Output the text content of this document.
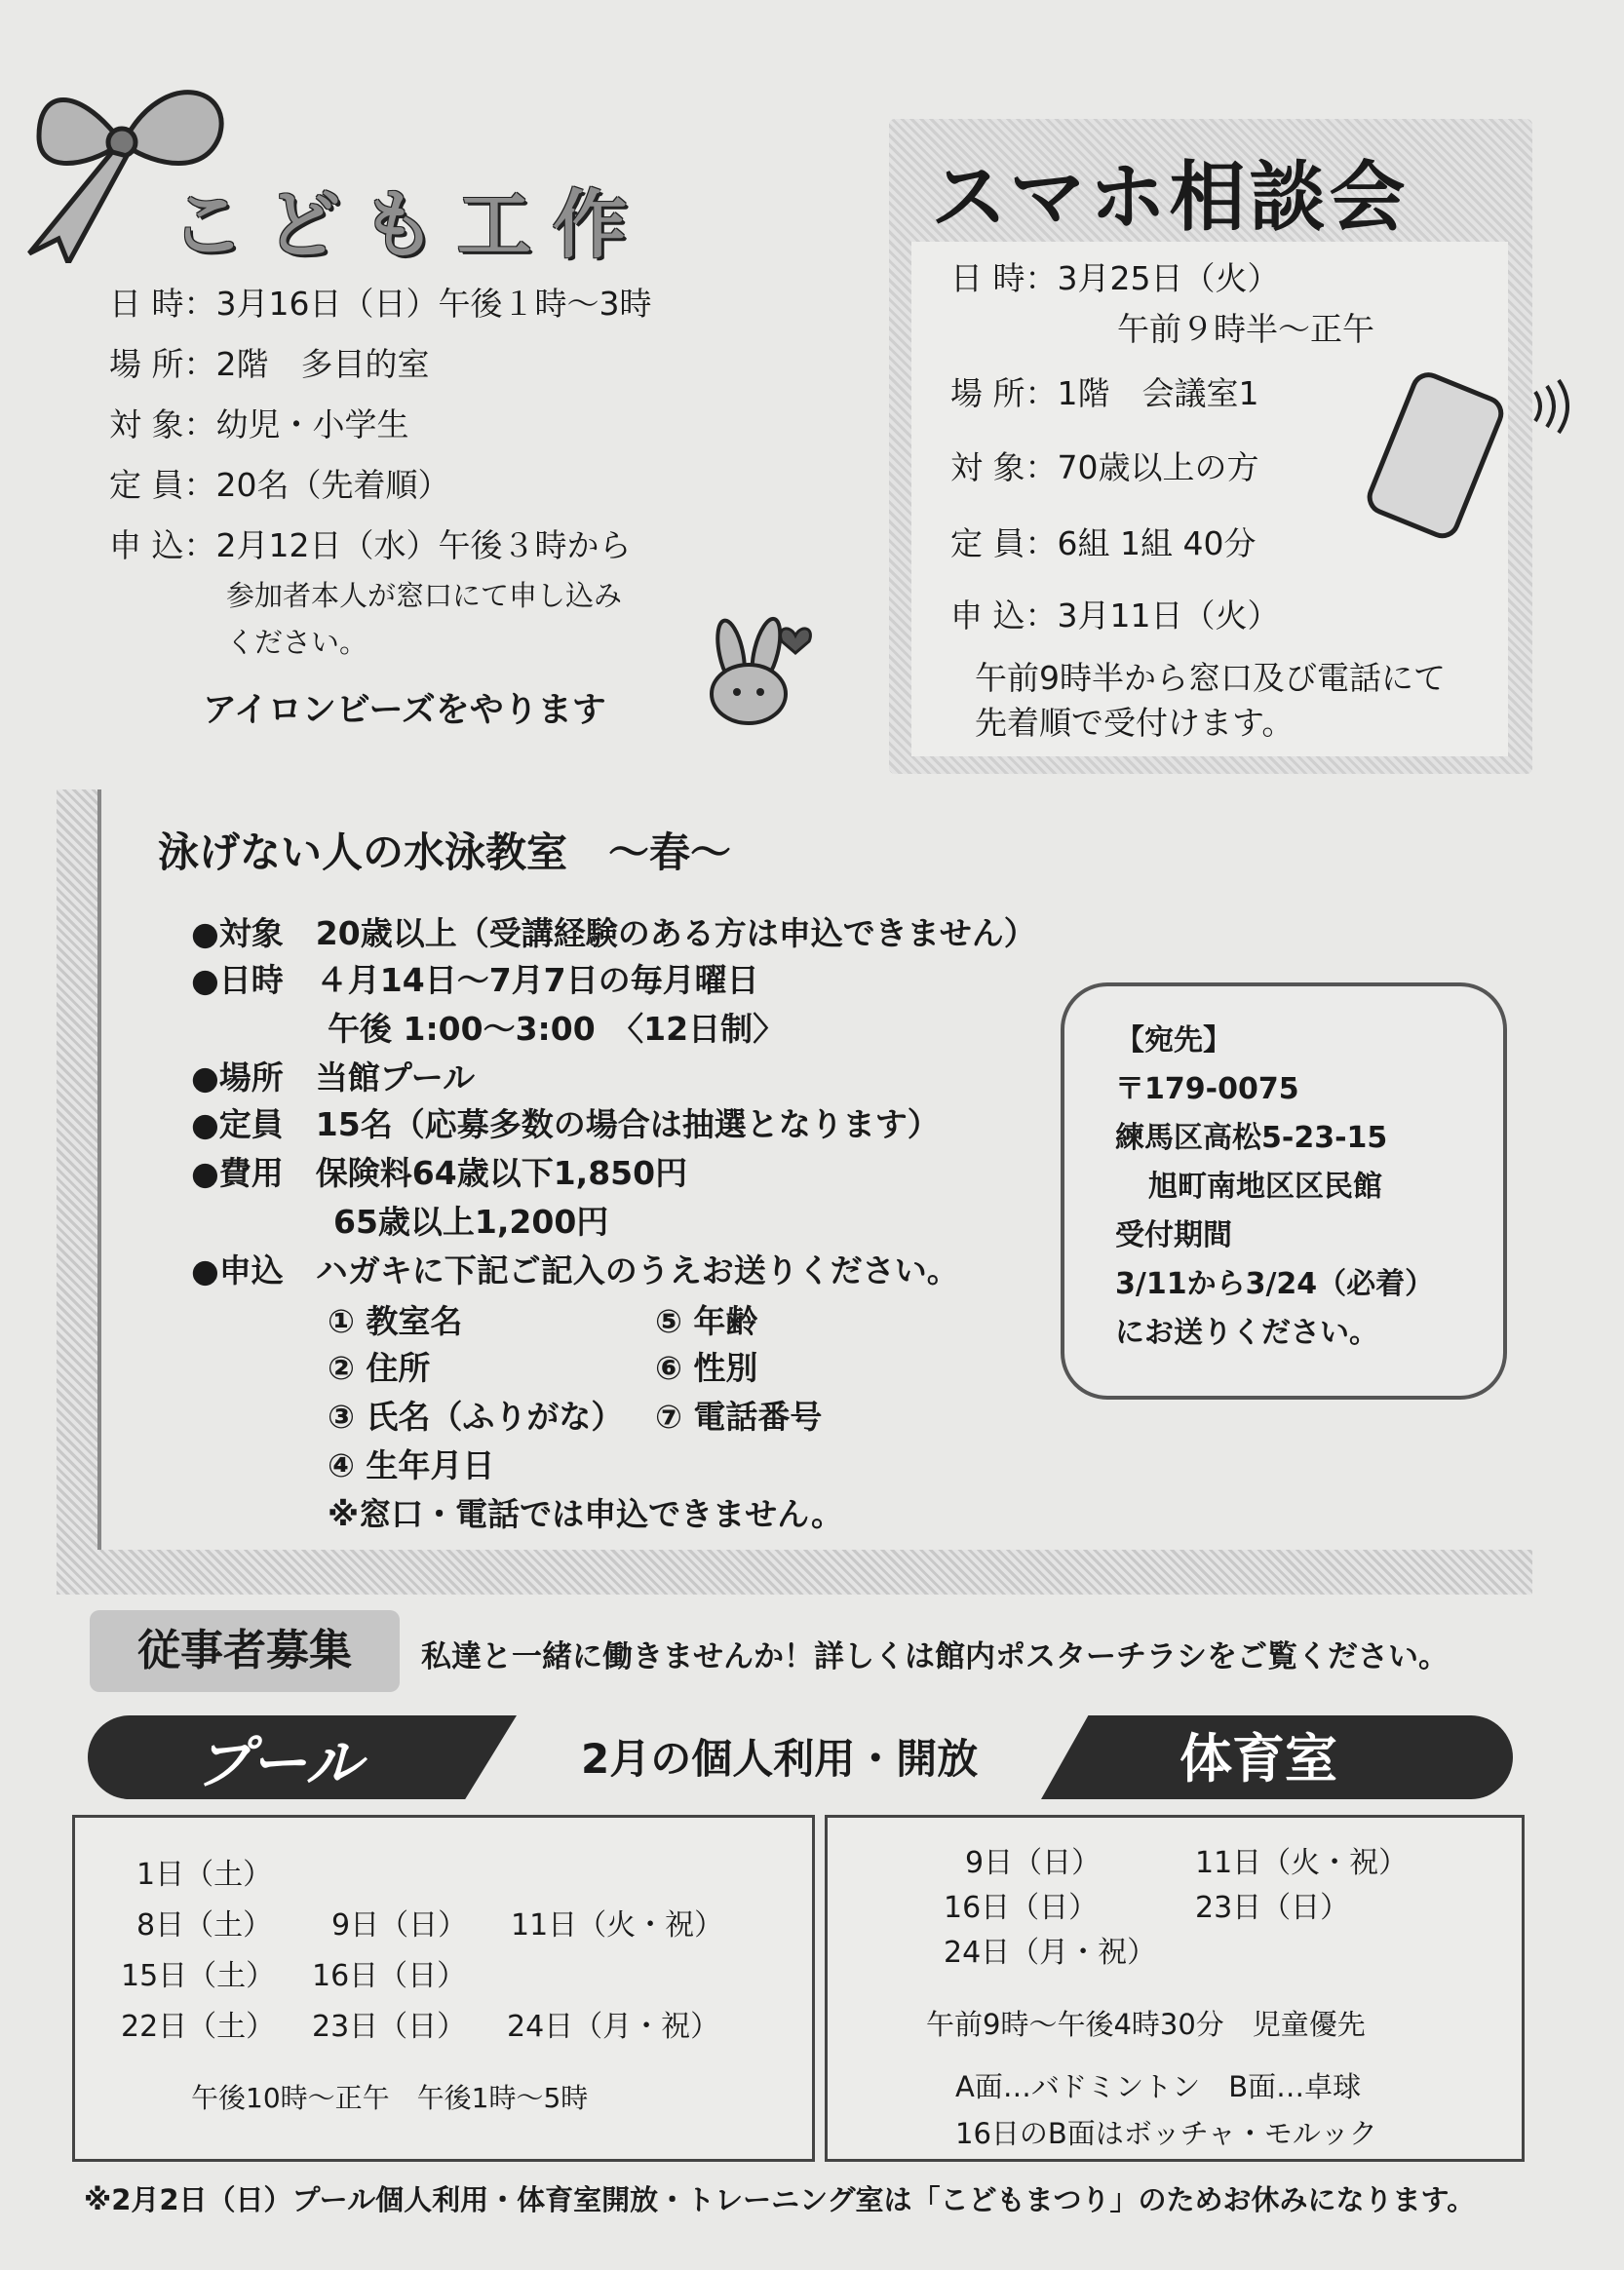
こども工作
日 時：3月16日（日）午後１時〜3時
場 所：2階　多目的室
対 象：幼児・小学生
定 員：20名（先着順）
申 込：2月12日（水）午後３時から
参加者本人が窓口にて申し込み
ください。
アイロンビーズをやります
スマホ相談会
日 時：3月25日（火）
午前９時半〜正午
場 所：1階　会議室1
対 象：70歳以上の方
定 員：6組 1組 40分
申 込：3月11日（火）
午前9時半から窓口及び電話にて
先着順で受付けます。
泳げない人の水泳教室　〜春〜
●対象　20歳以上（受講経験のある方は申込できません）
●日時　４月14日〜7月7日の毎月曜日
午後 1:00〜3:00　〈12日制〉
●場所　当館プール
●定員　15名（応募多数の場合は抽選となります）
●費用　保険料64歳以下1,850円
65歳以上1,200円
●申込　ハガキに下記ご記入のうえお送りください。
① 教室名	⑤ 年齢
② 住所	⑥ 性別
③ 氏名（ふりがな） ⑦ 電話番号
④ 生年月日
※窓口・電話では申込できません。
【宛先】
〒179-0075
練馬区高松5-23-15
旭町南地区区民館
受付期間
3/11から3/24（必着）
にお送りください。
従事者募集	私達と一緒に働きませんか！詳しくは館内ポスターチラシをご覧ください。
プール	2月の個人利用・開放	体育室
1日（土）
8日（土） 9日（日） 11日（火・祝）
15日（土） 16日（日）
22日（土） 23日（日） 24日（月・祝）
午後10時〜正午　午後1時〜5時
9日（日）	11日（火・祝）
16日（日）	23日（日）
24日（月・祝）
午前9時〜午後4時30分　児童優先
A面…バドミントン　B面…卓球
16日のB面はボッチャ・モルック
※2月2日（日）プール個人利用・体育室開放・トレーニング室は「こどもまつり」のためお休みになります。
